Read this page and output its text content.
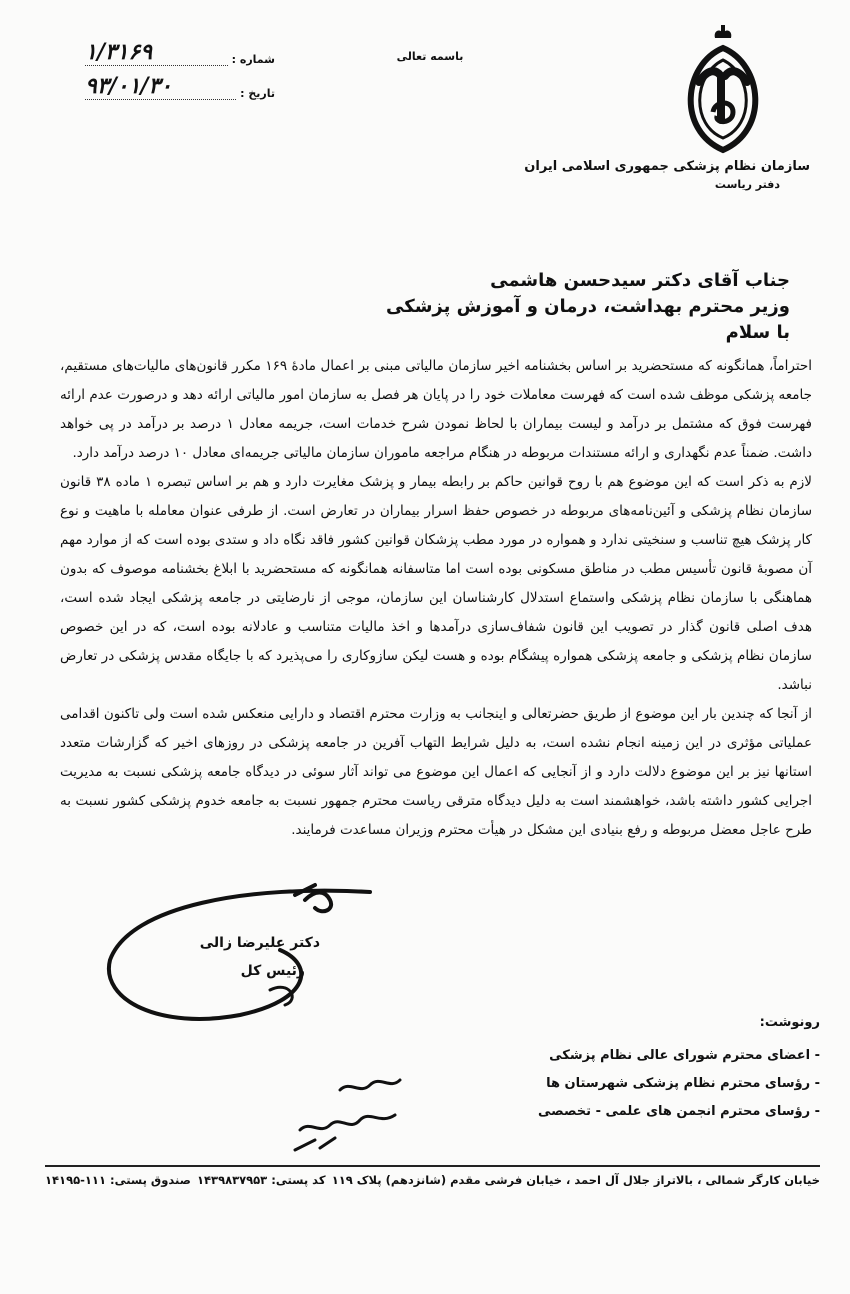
سازمان نظام پزشکی جمهوری اسلامی ایران
دفتر ریاست
باسمه تعالی
شماره :
۱/۳۱۶۹
تاریخ :
۹۳/۰۱/۳۰
جناب آقای دکتر سیدحسن هاشمی
وزیر محترم بهداشت، درمان و آموزش پزشکی
با سلام

احتراماً، همانگونه که مستحضرید بر اساس بخشنامه اخیر سازمان مالیاتی مبنی بر اعمال مادهٔ ۱۶۹ مکرر قانون‌های مالیات‌های مستقیم، جامعه پزشکی موظف شده است که فهرست معاملات خود را در پایان هر فصل به سازمان امور مالیاتی ارائه دهد و درصورت عدم ارائه فهرست فوق که مشتمل بر درآمد و لیست بیماران با لحاظ نمودن شرح خدمات است، جریمه معادل ۱ درصد بر درآمد در پی خواهد داشت. ضمناً عدم نگهداری و ارائه مستندات مربوطه در هنگام مراجعه ماموران سازمان مالیاتی جریمه‌ای معادل ۱۰ درصد درآمد دارد.

لازم به ذکر است که این موضوع هم با روح قوانین حاکم بر رابطه بیمار و پزشک مغایرت دارد و هم بر اساس تبصره ۱ ماده ۳۸ قانون سازمان نظام پزشکی و آئین‌نامه‌های مربوطه در خصوص حفظ اسرار بیماران در تعارض است. از طرفی عنوان معامله با ماهیت و نوع کار پزشک هیچ تناسب و سنخیتی ندارد و همواره در مورد مطب پزشکان قوانین کشور فاقد نگاه داد و ستدی بوده است که از موارد مهم آن مصوبهٔ قانون تأسیس مطب در مناطق مسکونی بوده است اما متاسفانه همانگونه که مستحضرید با ابلاغ بخشنامه موصوف که بدون هماهنگی با سازمان نظام پزشکی واستماع استدلال کارشناسان این سازمان، موجی از نارضایتی در جامعه پزشکی ایجاد شده است، هدف اصلی قانون گذار در تصویب این قانون شفاف‌سازی درآمدها و اخذ مالیات متناسب و عادلانه بوده است، که در این خصوص سازمان نظام پزشکی و جامعه پزشکی همواره پیشگام بوده و هست لیکن سازوکاری را می‌پذیرد که با جایگاه مقدس پزشکی در تعارض نباشد.

از آنجا که چندین بار این موضوع از طریق حضرتعالی و اینجانب به وزارت محترم اقتصاد و دارایی منعکس شده است ولی تاکنون اقدامی عملیاتی مؤثری در این زمینه انجام نشده است، به دلیل شرایط التهاب آفرین در جامعه پزشکی در روزهای اخیر که گزارشات متعدد استانها نیز بر این موضوع دلالت دارد و از آنجایی که اعمال این موضوع می تواند آثار سوئی در دیدگاه جامعه پزشکی نسبت به مدیریت اجرایی کشور داشته باشد، خواهشمند است به دلیل دیدگاه مترقی ریاست محترم جمهور نسبت به جامعه خدوم پزشکی کشور نسبت به طرح عاجل معضل مربوطه و رفع بنیادی این مشکل در هیأت محترم وزیران مساعدت فرمایند.

دکتر علیرضا زالی
رئیس کل
رونوشت:
- اعضای محترم شورای عالی نظام پزشکی
- رؤسای محترم نظام پزشکی شهرستان ها
- رؤسای محترم انجمن های علمی - تخصصی
خیابان کارگر شمالی ، بالاتراز جلال آل احمد ، خیابان فرشی مقدم (شانزدهم) پلاک ۱۱۹
کد پستی: ۱۴۳۹۸۳۷۹۵۳
صندوق پستی: ۱۱۱-۱۴۱۹۵
